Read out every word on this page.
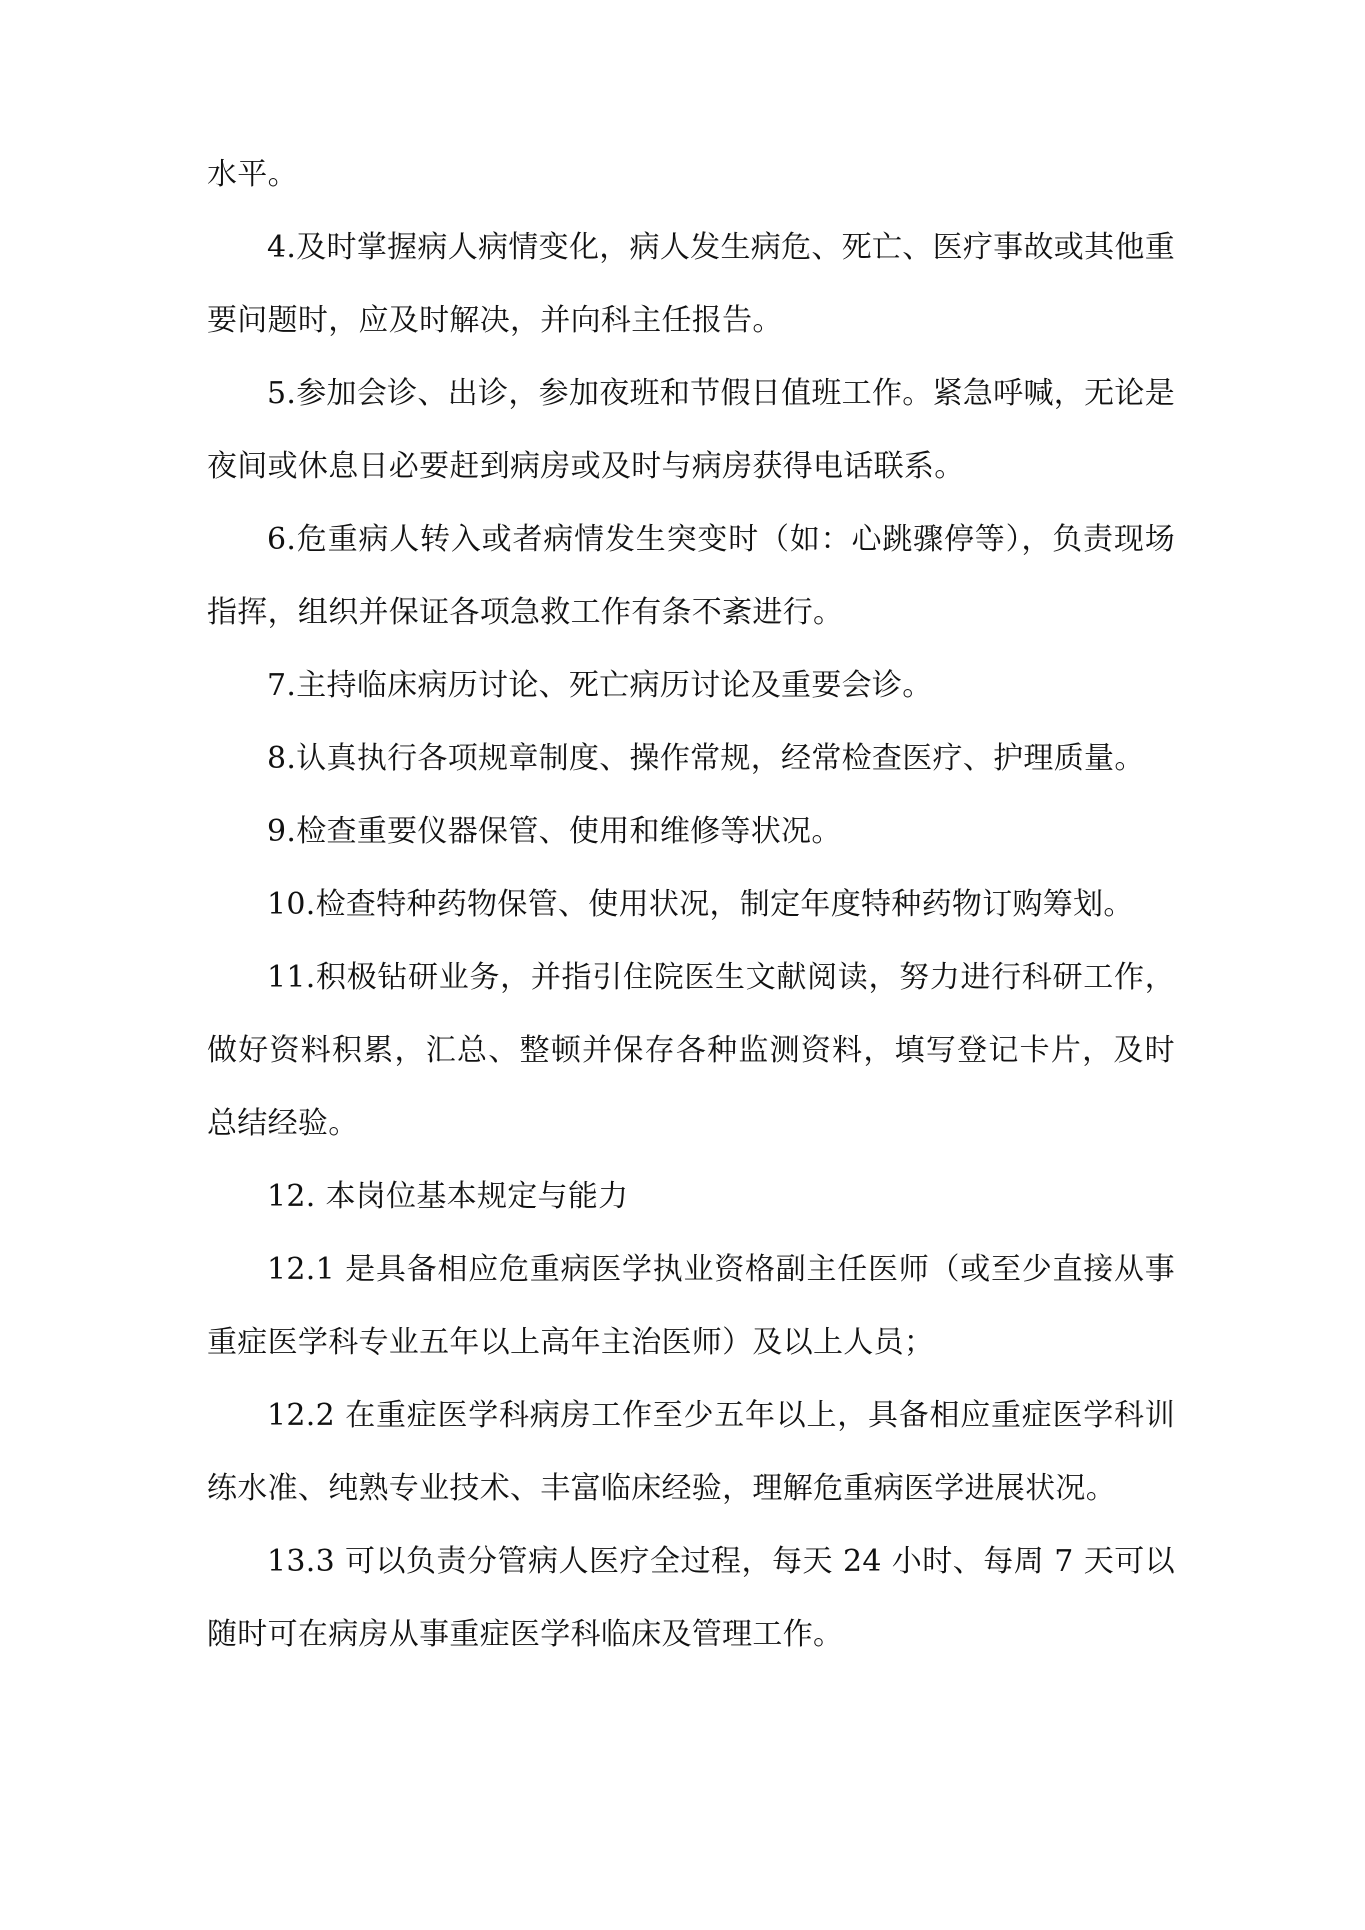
水平。

4.及时掌握病人病情变化，病人发生病危、死亡、医疗事故或其他重要问题时，应及时解决，并向科主任报告。

5.参加会诊、出诊，参加夜班和节假日值班工作。紧急呼喊，无论是夜间或休息日必要赶到病房或及时与病房获得电话联系。

6.危重病人转入或者病情发生突变时（如：心跳骤停等），负责现场指挥，组织并保证各项急救工作有条不紊进行。

7.主持临床病历讨论、死亡病历讨论及重要会诊。

8.认真执行各项规章制度、操作常规，经常检查医疗、护理质量。

9.检查重要仪器保管、使用和维修等状况。

10.检查特种药物保管、使用状况，制定年度特种药物订购筹划。

11.积极钻研业务，并指引住院医生文献阅读，努力进行科研工作，做好资料积累，汇总、整顿并保存各种监测资料，填写登记卡片，及时总结经验。

12. 本岗位基本规定与能力

12.1 是具备相应危重病医学执业资格副主任医师（或至少直接从事重症医学科专业五年以上高年主治医师）及以上人员；

12.2 在重症医学科病房工作至少五年以上，具备相应重症医学科训练水准、纯熟专业技术、丰富临床经验，理解危重病医学进展状况。

13.3 可以负责分管病人医疗全过程，每天 24 小时、每周 7 天可以随时可在病房从事重症医学科临床及管理工作。
